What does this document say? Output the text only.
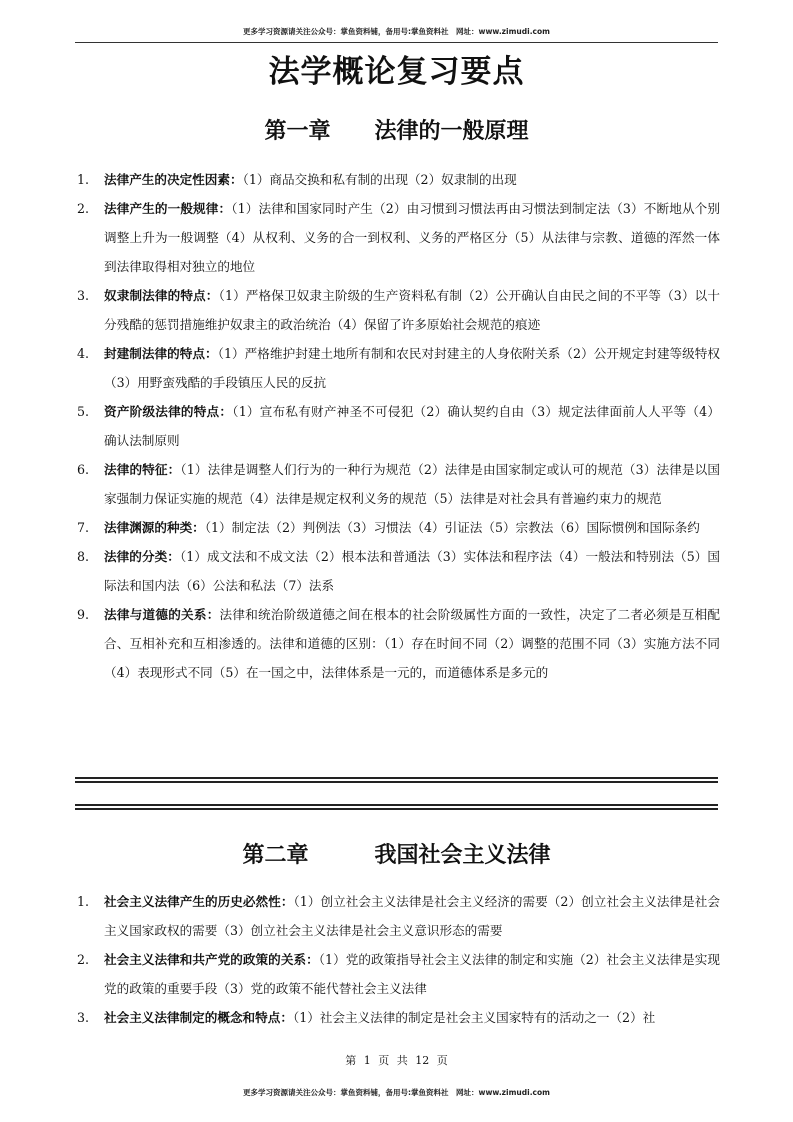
更多学习资源请关注公众号：掌鱼资料铺，备用号:掌鱼资料社　网址：www.zimudi.com
法学概论复习要点
第一章　　法律的一般原理
1. 法律产生的决定性因素：（1）商品交换和私有制的出现（2）奴隶制的出现
2. 法律产生的一般规律：（1）法律和国家同时产生（2）由习惯到习惯法再由习惯法到制定法（3）不断地从个别调整上升为一般调整（4）从权利、义务的合一到权利、义务的严格区分（5）从法律与宗教、道德的浑然一体到法律取得相对独立的地位
3. 奴隶制法律的特点：（1）严格保卫奴隶主阶级的生产资料私有制（2）公开确认自由民之间的不平等（3）以十分残酷的惩罚措施维护奴隶主的政治统治（4）保留了许多原始社会规范的痕迹
4. 封建制法律的特点：（1）严格维护封建土地所有制和农民对封建主的人身依附关系（2）公开规定封建等级特权（3）用野蛮残酷的手段镇压人民的反抗
5. 资产阶级法律的特点：（1）宣布私有财产神圣不可侵犯（2）确认契约自由（3）规定法律面前人人平等（4）确认法制原则
6. 法律的特征：（1）法律是调整人们行为的一种行为规范（2）法律是由国家制定或认可的规范（3）法律是以国家强制力保证实施的规范（4）法律是规定权利义务的规范（5）法律是对社会具有普遍约束力的规范
7. 法律渊源的种类：（1）制定法（2）判例法（3）习惯法（4）引证法（5）宗教法（6）国际惯例和国际条约
8. 法律的分类：（1）成文法和不成文法（2）根本法和普通法（3）实体法和程序法（4）一般法和特别法（5）国际法和国内法（6）公法和私法（7）法系
9. 法律与道德的关系：法律和统治阶级道德之间在根本的社会阶级属性方面的一致性，决定了二者必须是互相配合、互相补充和互相渗透的。法律和道德的区别：（1）存在时间不同（2）调整的范围不同（3）实施方法不同（4）表现形式不同（5）在一国之中，法律体系是一元的，而道德体系是多元的
第二章　　　我国社会主义法律
1. 社会主义法律产生的历史必然性：（1）创立社会主义法律是社会主义经济的需要（2）创立社会主义法律是社会主义国家政权的需要（3）创立社会主义法律是社会主义意识形态的需要
2. 社会主义法律和共产党的政策的关系：（1）党的政策指导社会主义法律的制定和实施（2）社会主义法律是实现党的政策的重要手段（3）党的政策不能代替社会主义法律
3. 社会主义法律制定的概念和特点：（1）社会主义法律的制定是社会主义国家特有的活动之一（2）社
第 1 页 共 12 页
更多学习资源请关注公众号：掌鱼资料铺，备用号:掌鱼资料社　网址：www.zimudi.com
